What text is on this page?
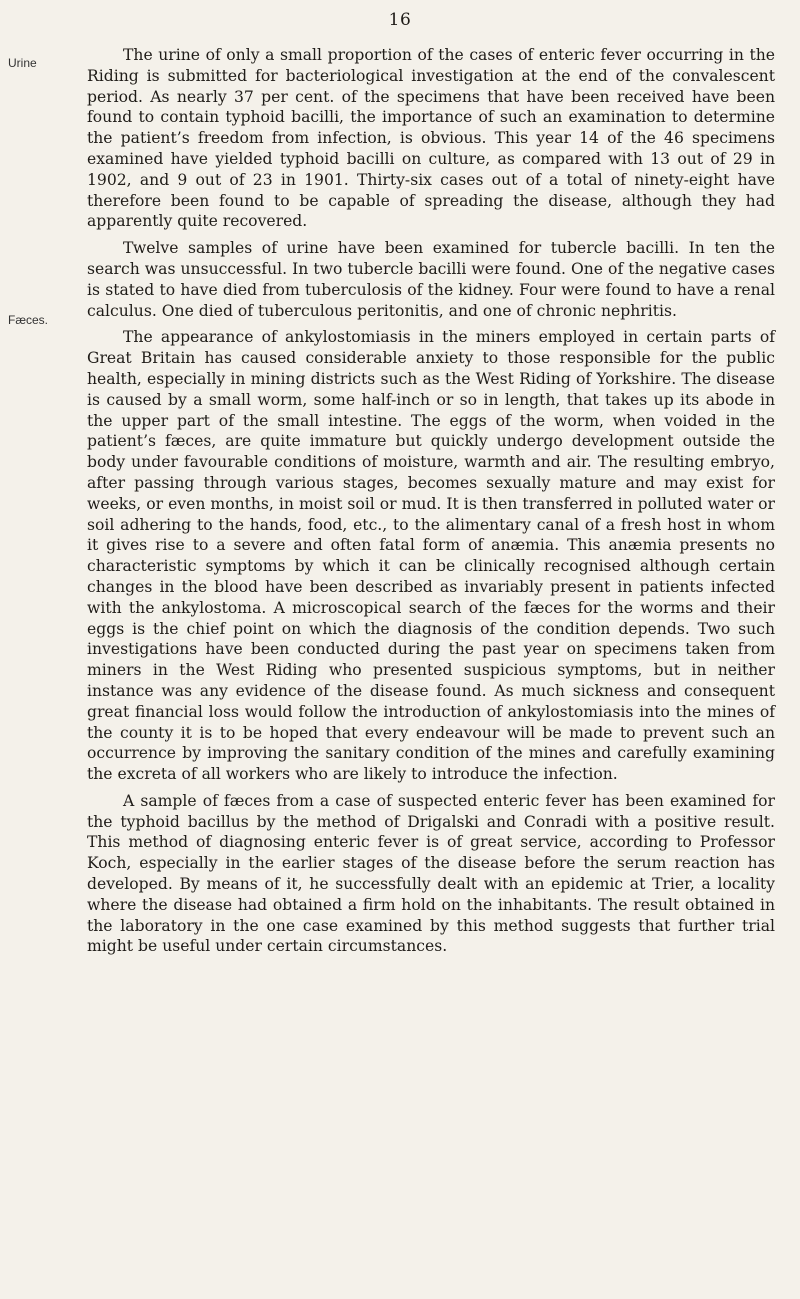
16
Urine
Fæces.

The urine of only a small proportion of the cases of enteric fever occurring in the Riding is submitted for bacteriological investigation at the end of the convalescent period. As nearly 37 per cent. of the specimens that have been received have been found to contain typhoid bacilli, the importance of such an examination to determine the patient’s freedom from infection, is obvious. This year 14 of the 46 specimens examined have yielded typhoid bacilli on culture, as compared with 13 out of 29 in 1902, and 9 out of 23 in 1901. Thirty-six cases out of a total of ninety-eight have therefore been found to be capable of spreading the disease, although they had apparently quite recovered.

Twelve samples of urine have been examined for tubercle bacilli. In ten the search was unsuccessful. In two tubercle bacilli were found. One of the negative cases is stated to have died from tuberculosis of the kidney. Four were found to have a renal calculus. One died of tuberculous peritonitis, and one of chronic nephritis.

The appearance of ankylostomiasis in the miners employed in certain parts of Great Britain has caused considerable anxiety to those responsible for the public health, especially in mining districts such as the West Riding of Yorkshire. The disease is caused by a small worm, some half-inch or so in length, that takes up its abode in the upper part of the small intestine. The eggs of the worm, when voided in the patient’s fæces, are quite immature but quickly undergo development outside the body under favourable conditions of moisture, warmth and air. The resulting embryo, after passing through various stages, becomes sexually mature and may exist for weeks, or even months, in moist soil or mud. It is then transferred in polluted water or soil adhering to the hands, food, etc., to the alimentary canal of a fresh host in whom it gives rise to a severe and often fatal form of anæmia. This anæmia presents no characteristic symptoms by which it can be clinically recognised although certain changes in the blood have been described as invariably present in patients infected with the ankylostoma. A microscopical search of the fæces for the worms and their eggs is the chief point on which the diagnosis of the condition depends. Two such investigations have been conducted during the past year on specimens taken from miners in the West Riding who presented suspicious symptoms, but in neither instance was any evidence of the disease found. As much sickness and consequent great financial loss would follow the introduction of ankylostomiasis into the mines of the county it is to be hoped that every endeavour will be made to prevent such an occurrence by improving the sanitary condition of the mines and carefully examining the excreta of all workers who are likely to introduce the infection.

A sample of fæces from a case of suspected enteric fever has been examined for the typhoid bacillus by the method of Drigalski and Conradi with a positive result. This method of diagnosing enteric fever is of great service, according to Professor Koch, especially in the earlier stages of the disease before the serum reaction has developed. By means of it, he successfully dealt with an epidemic at Trier, a locality where the disease had obtained a firm hold on the inhabitants. The result obtained in the laboratory in the one case examined by this method suggests that further trial might be useful under certain circumstances.
